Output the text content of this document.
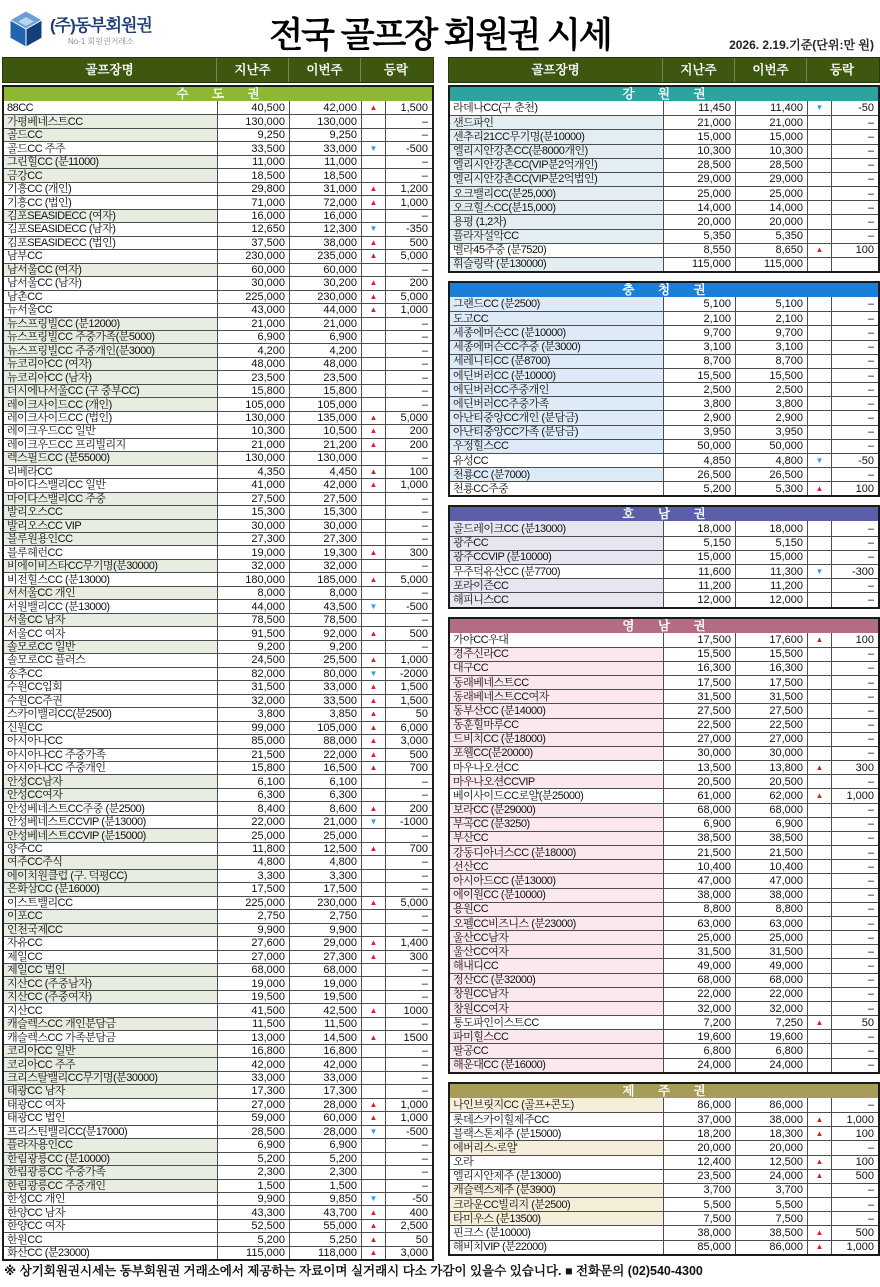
(주)동부회원권
No-1 회원권거래소	전국 골프장 회원권 시세	2026. 2.19.기준(단위:만 원)
골프장명	지난주	이번주	등락
수 도 권
88CC	40,500	42,000	▲	1,500
가평베네스트CC	130,000	130,000	–
골드CC	9,250	9,250	–
골드CC 주주	33,500	33,000	▼	-500
그린힐CC (분11000)	11,000	11,000	–
금강CC	18,500	18,500	–
기흥CC (개인)	29,800	31,000	▲	1,200
기흥CC (법인)	71,000	72,000	▲	1,000
김포SEASIDECC (여자)	16,000	16,000	–
김포SEASIDECC (남자)	12,650	12,300	▼	-350
김포SEASIDECC (법인)	37,500	38,000	▲	500
남부CC	230,000	235,000	▲	5,000
남서울CC (여자)	60,000	60,000	–
남서울CC (남자)	30,000	30,200	▲	200
남촌CC	225,000	230,000	▲	5,000
뉴서울CC	43,000	44,000	▲	1,000
뉴스프링빌CC (분12000)	21,000	21,000	–
뉴스프링빌CC 주중가족(분5000)	6,900	6,900	–
뉴스프링빌CC 주중개인(분3000)	4,200	4,200	–
뉴코리아CC (여자)	48,000	48,000	–
뉴코리아CC (남자)	23,500	23,500	–
더시에나서울CC (구 중부CC)	15,800	15,800	–
레이크사이드CC (개인)	105,000	105,000	–
레이크사이드CC (법인)	130,000	135,000	▲	5,000
레이크우드CC 일반	10,300	10,500	▲	200
레이크우드CC 프리빌리지	21,000	21,200	▲	200
렉스필드CC (분55000)	130,000	130,000	–
리베라CC	4,350	4,450	▲	100
마이다스밸리CC 일반	41,000	42,000	▲	1,000
마이다스밸리CC 주중	27,500	27,500	–
발리오스CC	15,300	15,300	–
발리오스CC VIP	30,000	30,000	–
블루원용인CC	27,300	27,300	–
블루헤런CC	19,000	19,300	▲	300
비에이비스타CC무기명(분30000)	32,000	32,000	–
비전힐스CC (분13000)	180,000	185,000	▲	5,000
서서울CC 개인	8,000	8,000	–
서원밸리CC (분13000)	44,000	43,500	▼	-500
서울CC 남자	78,500	78,500	–
서울CC 여자	91,500	92,000	▲	500
솔모로CC 일반	9,200	9,200	–
솔모로CC 플러스	24,500	25,500	▲	1,000
송추CC	82,000	80,000	▼	-2000
수원CC입회	31,500	33,000	▲	1,500
수원CC주권	32,000	33,500	▲	1,500
스카이밸리CC(분2500)	3,800	3,850	▲	50
신원CC	99,000	105,000	▲	6,000
아시아나CC	85,000	88,000	▲	3,000
아시아나CC 주중가족	21,500	22,000	▲	500
아시아나CC 주중개인	15,800	16,500	▲	700
안성CC남자	6,100	6,100	–
안성CC여자	6,300	6,300	–
안성베네스트CC주중 (분2500)	8,400	8,600	▲	200
안성베네스트CCVIP (분13000)	22,000	21,000	▼	-1000
안성베네스트CCVIP (분15000)	25,000	25,000	–
양주CC	11,800	12,500	▲	700
여주CC주식	4,800	4,800	–
에이치원클럽 (구. 덕평CC)	3,300	3,300	–
은화삼CC (분16000)	17,500	17,500	–
이스트밸리CC	225,000	230,000	▲	5,000
이포CC	2,750	2,750	–
인천국제CC	9,900	9,900	–
자유CC	27,600	29,000	▲	1,400
제일CC	27,000	27,300	▲	300
제일CC 법인	68,000	68,000	–
지산CC (주중남자)	19,000	19,000	–
지산CC (주중여자)	19,500	19,500	–
지산CC	41,500	42,500	▲	1000
캐슬렉스CC 개인분담금	11,500	11,500	–
캐슬렉스CC 가족분담금	13,000	14,500	▲	1500
코리아CC 일반	16,800	16,800	–
코리아CC 주주	42,000	42,000	–
크리스탈밸리CC무기명(분30000)	33,000	33,000	–
태광CC 남자	17,300	17,300	–
태광CC 여자	27,000	28,000	▲	1,000
태광CC 법인	59,000	60,000	▲	1,000
프리스틴밸리CC(분17000)	28,500	28,000	▼	-500
플라자용인CC	6,900	6,900	–
한림광릉CC (분10000)	5,200	5,200	–
한림광릉CC 주중가족	2,300	2,300	–
한림광릉CC 주중개인	1,500	1,500	–
한성CC 개인	9,900	9,850	▼	-50
한양CC 남자	43,300	43,700	▲	400
한양CC 여자	52,500	55,000	▲	2,500
한원CC	5,200	5,250	▲	50
화산CC (분23000)	115,000	118,000	▲	3,000
골프장명	지난주	이번주	등락
강 원 권
라데나CC(구 춘천)	11,450	11,400	▼	-50
샌드파인	21,000	21,000	–
센추리21CC무기명(분10000)	15,000	15,000	–
엘리시안강촌CC(분8000개인)	10,300	10,300	–
엘리시안강촌CC(VIP분2억개인)	28,500	28,500	–
엘리시안강촌CC(VIP분2억법인)	29,000	29,000	–
오크밸리CC(분25,000)	25,000	25,000	–
오크힐스CC(분15,000)	14,000	14,000	–
용평 (1,2차)	20,000	20,000	–
플라자설악CC	5,350	5,350	–
벨라45주중 (분7520)	8,550	8,650	▲	100
휘슬링락 (분130000)	115,000	115,000
충 청 권
그랜드CC (분2500)	5,100	5,100	–
도고CC	2,100	2,100	–
세종에머슨CC (분10000)	9,700	9,700	–
세종에머슨CC주중 (분3000)	3,100	3,100	–
세레니티CC (분8700)	8,700	8,700	–
에딘버러CC (분10000)	15,500	15,500	–
에딘버러CC주중개인	2,500	2,500	–
에딘버러CC주중가족	3,800	3,800	–
아난티중앙CC개인 (분담금)	2,900	2,900	–
아난티중앙CC가족 (분담금)	3,950	3,950	–
우정힐스CC	50,000	50,000	–
유성CC	4,850	4,800	▼	-50
천룡CC (분7000)	26,500	26,500	–
천룡CC주중	5,200	5,300	▲	100
호 남 권
골드레이크CC (분13000)	18,000	18,000	–
광주CC	5,150	5,150	–
광주CCVIP (분10000)	15,000	15,000	–
무주덕유산CC (분7700)	11,600	11,300	▼	-300
포라이즌CC	11,200	11,200	–
해피니스CC	12,000	12,000	–
영 남 권
가야CC우대	17,500	17,600	▲	100
경주신라CC	15,500	15,500	–
대구CC	16,300	16,300	–
동래베네스트CC	17,500	17,500	–
동래베네스트CC여자	31,500	31,500	–
동부산CC (분14000)	27,500	27,500	–
동훈힐마루CC	22,500	22,500	–
드비치CC (분18000)	27,000	27,000	–
포웰CC(분20000)	30,000	30,000	–
마우나오션CC	13,500	13,800	▲	300
마우나오션CCVIP	20,500	20,500	–
베이사이드CC로얄(분25000)	61,000	62,000	▲	1,000
보라CC (분29000)	68,000	68,000	–
부곡CC (분3250)	6,900	6,900	–
부산CC	38,500	38,500	–
강동디아너스CC (분18000)	21,500	21,500	–
선산CC	10,400	10,400	–
아시아드CC (분13000)	47,000	47,000	–
에이원CC (분10000)	38,000	38,000	–
용원CC	8,800	8,800	–
오펠CC비즈니스 (분23000)	63,000	63,000	–
울산CC남자	25,000	25,000	–
울산CC여자	31,500	31,500	–
해내디CC	49,000	49,000	–
정산CC (분32000)	68,000	68,000	–
창원CC남자	22,000	22,000	–
창원CC여자	32,000	32,000	–
통도파인이스트CC	7,200	7,250	▲	50
파미힐스CC	19,600	19,600	–
팔공CC	6,800	6,800	–
해운대CC (분16000)	24,000	24,000	–
제 주 권
나인브릿지CC (골프+콘도)	86,000	86,000	–
롯데스카이힐제주CC	37,000	38,000	▲	1,000
블랙스톤제주 (분15000)	18,200	18,300	▲	100
에버리스-로얄	20,000	20,000	–
오라	12,400	12,500	▲	100
엘리시안제주 (분13000)	23,500	24,000	▲	500
캐슬렉스제주 (분3900)	3,700	3,700	–
크라운CC빌리지 (분2500)	5,500	5,500	–
타미우스 (분13500)	7,500	7,500	–
핀크스 (분10000)	38,000	38,500	▲	500
해비치VIP (분22000)	85,000	86,000	▲	1,000
※ 상기회원권시세는 동부회원권 거래소에서 제공하는 자료이며 실거래시 다소 가감이 있을수 있습니다. ■ 전화문의 (02)540-4300
